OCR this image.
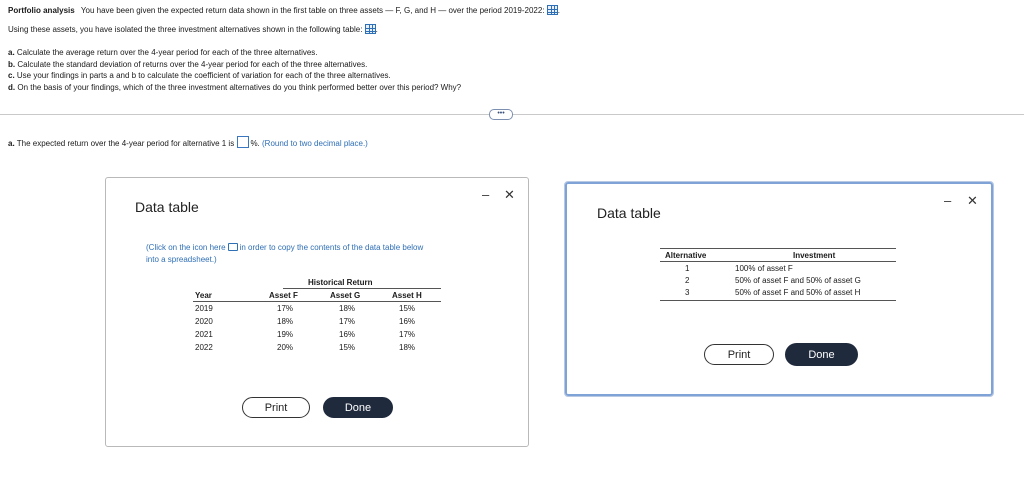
Portfolio analysis You have been given the expected return data shown in the first table on three assets — F, G, and H — over the period 2019-2022: .
Using these assets, you have isolated the three investment alternatives shown in the following table: .
a. Calculate the average return over the 4-year period for each of the three alternatives.
b. Calculate the standard deviation of returns over the 4-year period for each of the three alternatives.
c. Use your findings in parts a and b to calculate the coefficient of variation for each of the three alternatives.
d. On the basis of your findings, which of the three investment alternatives do you think performed better over this period? Why?
•••
a. The expected return over the 4-year period for alternative 1 is %. (Round to two decimal place.)
Data table
– ✕
(Click on the icon here in order to copy the contents of the data table below
into a spreadsheet.)
Historical Return
Year	Asset F	Asset G	Asset H
2019	17%	18%	15%
2020	18%	17%	16%
2021	19%	16%	17%
2022	20%	15%	18%
Print	Done
Data table
– ✕
Alternative	Investment
1	100% of asset F
2	50% of asset F and 50% of asset G
3	50% of asset F and 50% of asset H
Print	Done
